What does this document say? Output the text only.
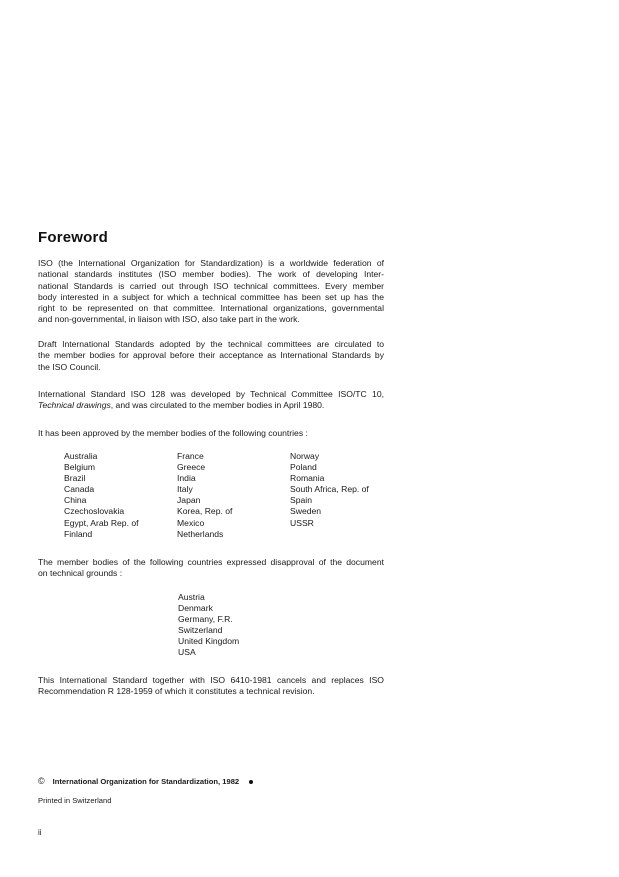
Foreword
ISO (the International Organization for Standardization) is a worldwide federation of
national standards institutes (ISO member bodies). The work of developing Inter-
national Standards is carried out through ISO technical committees. Every member
body interested in a subject for which a technical committee has been set up has the
right to be represented on that committee. International organizations, governmental
and non-governmental, in liaison with ISO, also take part in the work.
Draft International Standards adopted by the technical committees are circulated to
the member bodies for approval before their acceptance as International Standards by
the ISO Council.
International Standard ISO 128 was developed by Technical Committee ISO/TC 10,
Technical drawings, and was circulated to the member bodies in April 1980.
It has been approved by the member bodies of the following countries :
Australia
Belgium
Brazil
Canada
China
Czechoslovakia
Egypt, Arab Rep. of
Finland
France
Greece
India
Italy
Japan
Korea, Rep. of
Mexico
Netherlands
Norway
Poland
Romania
South Africa, Rep. of
Spain
Sweden
USSR
The member bodies of the following countries expressed disapproval of the document
on technical grounds :
Austria
Denmark
Germany, F.R.
Switzerland
United Kingdom
USA
This International Standard together with ISO 6410-1981 cancels and replaces ISO
Recommendation R 128-1959 of which it constitutes a technical revision.
© International Organization for Standardization, 1982
Printed in Switzerland
ii
